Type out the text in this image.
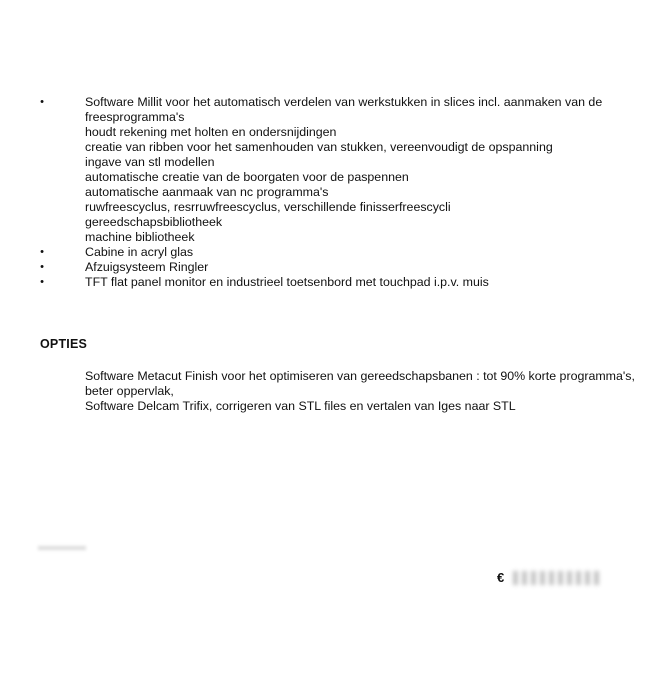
•	Software Millit voor het automatisch verdelen van werkstukken in slices incl. aanmaken van de
freesprogramma's
houdt rekening met holten en ondersnijdingen
creatie van ribben voor het samenhouden van stukken, vereenvoudigt de opspanning
ingave van stl modellen
automatische creatie van de boorgaten voor de paspennen
automatische aanmaak van nc programma's
ruwfreescyclus, resrruwfreescyclus, verschillende finisserfreescycli
gereedschapsbibliotheek
machine bibliotheek
•	Cabine in acryl glas
•	Afzuigsysteem Ringler
•	TFT flat panel monitor en industrieel toetsenbord met touchpad i.p.v. muis
OPTIES
Software Metacut Finish voor het optimiseren van gereedschapsbanen : tot 90% korte programma's,
beter oppervlak,
Software Delcam Trifix, corrigeren van STL files en vertalen van Iges naar STL
€
